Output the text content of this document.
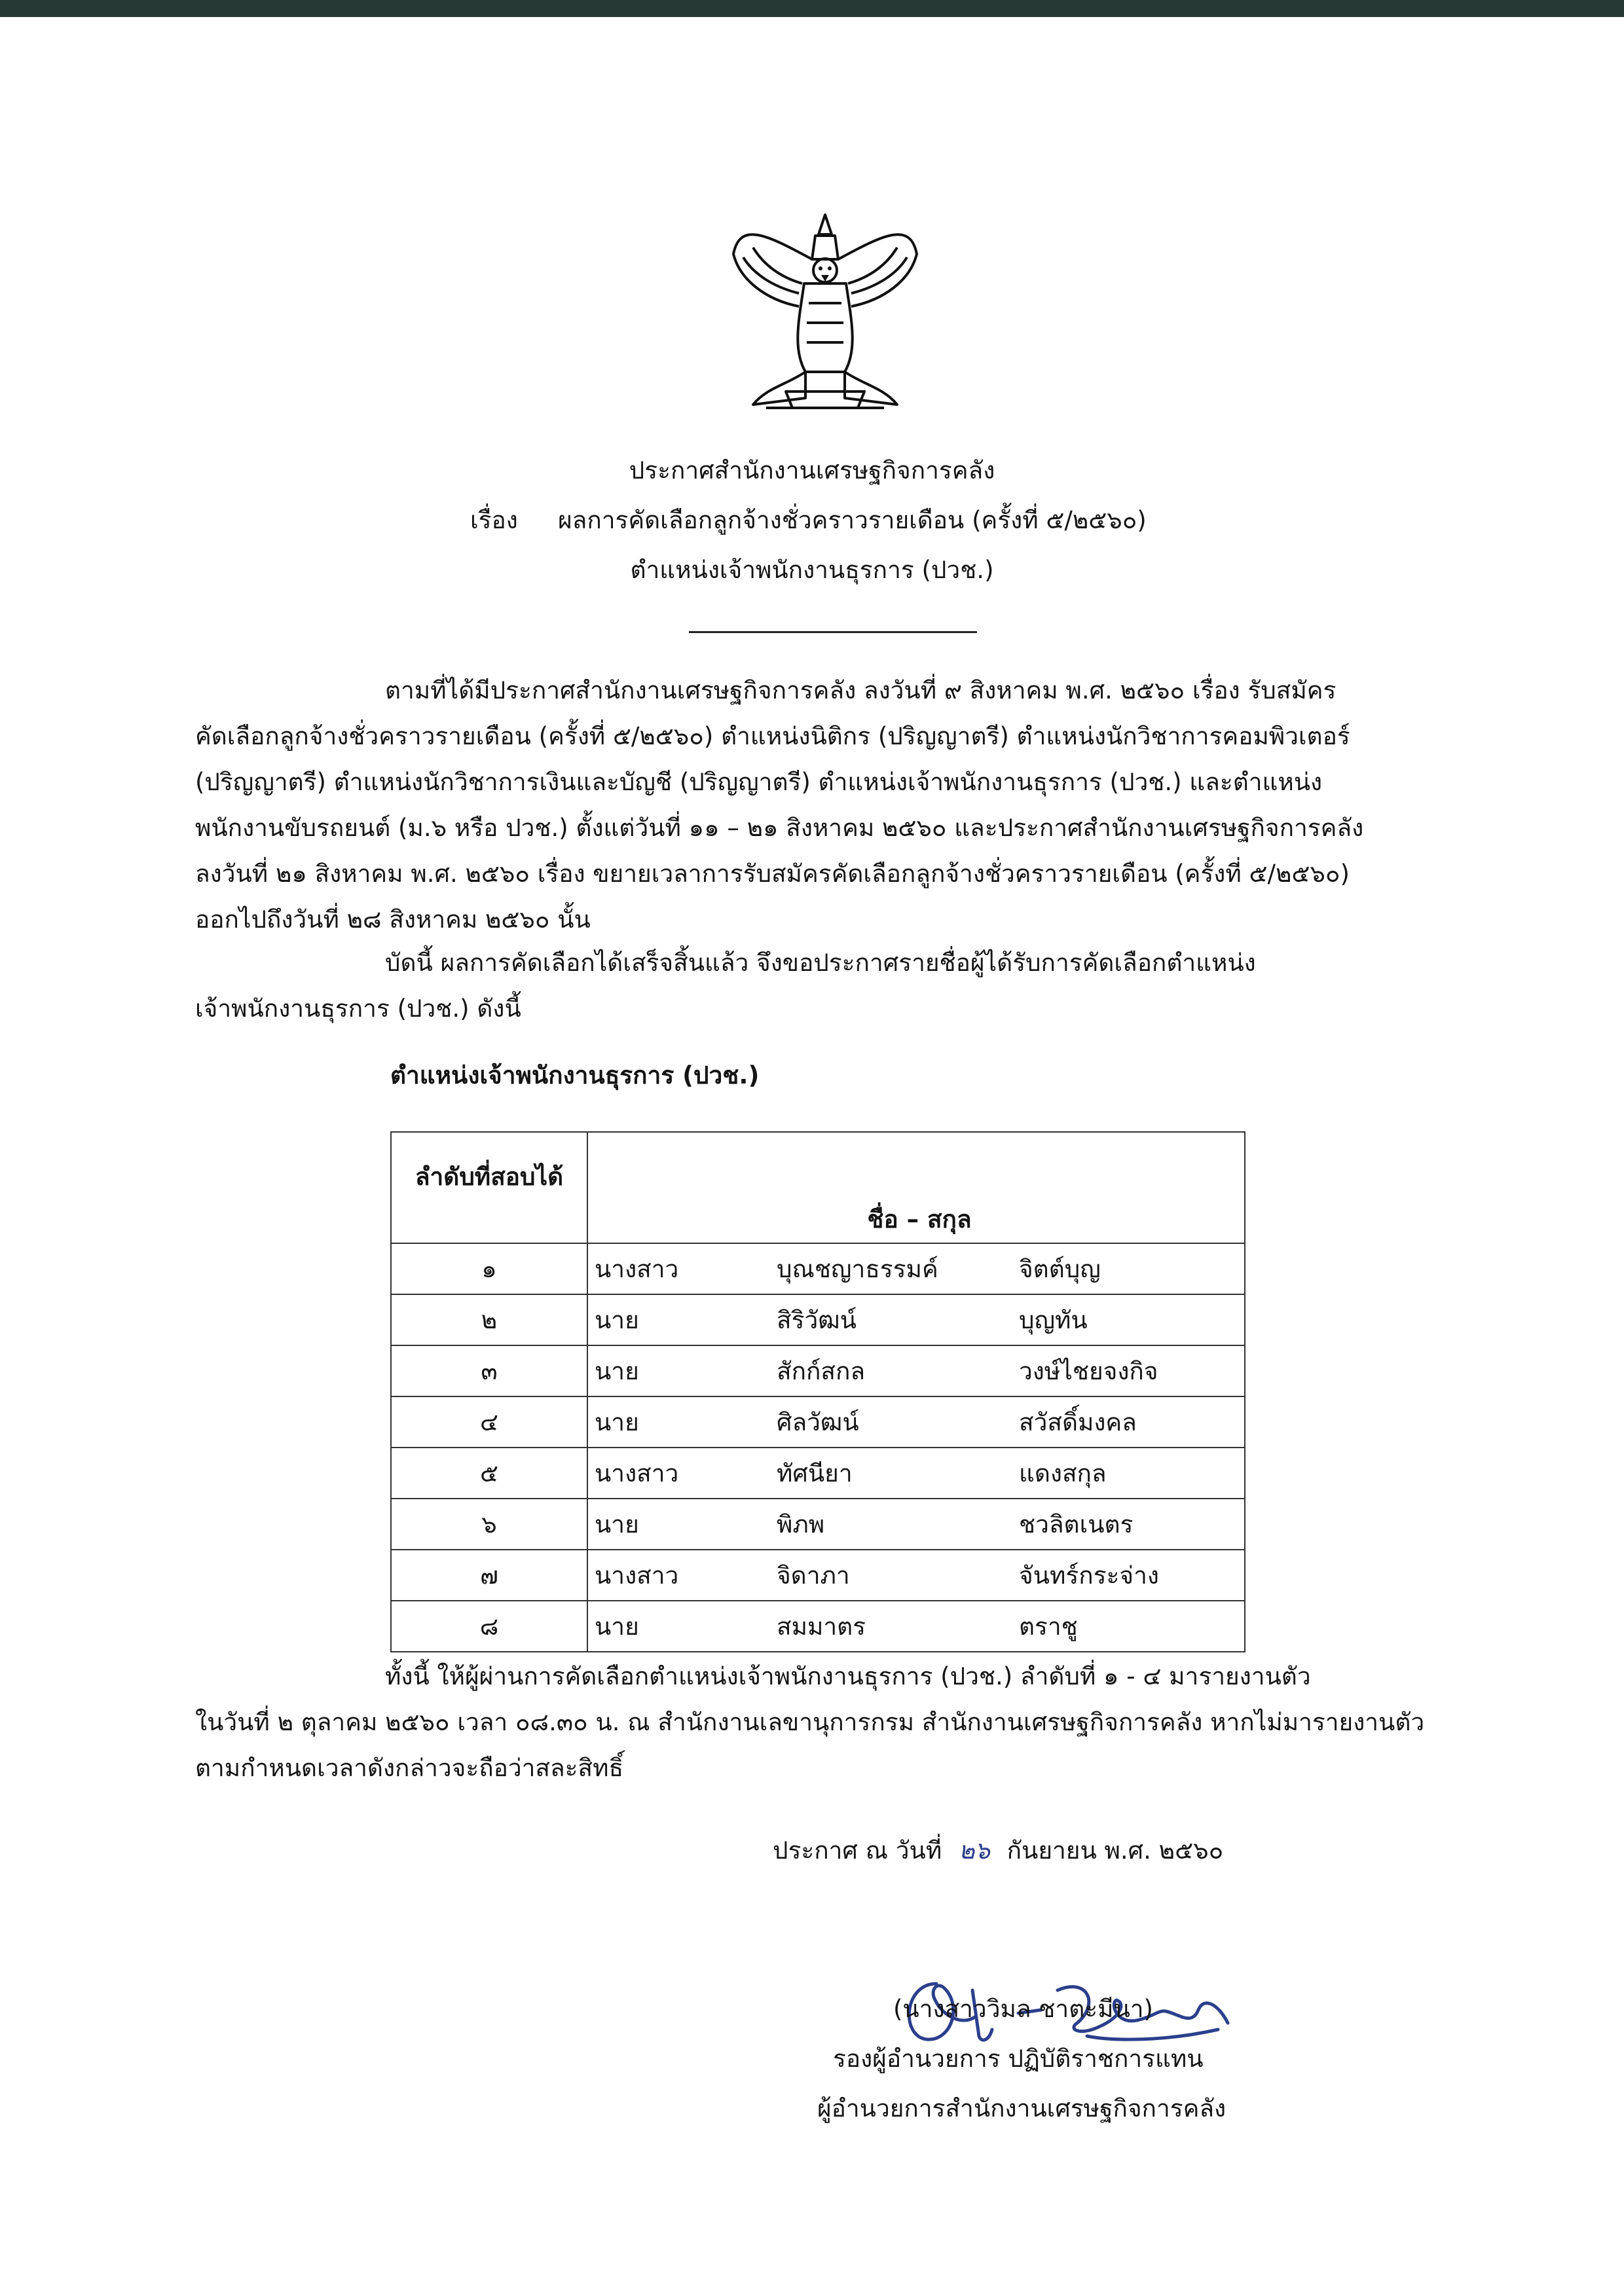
ประกาศสำนักงานเศรษฐกิจการคลัง
เรื่อง ผลการคัดเลือกลูกจ้างชั่วคราวรายเดือน (ครั้งที่ ๕/๒๕๖๐)
ตำแหน่งเจ้าพนักงานธุรการ (ปวช.)
ตามที่ได้มีประกาศสำนักงานเศรษฐกิจการคลัง ลงวันที่ ๙ สิงหาคม พ.ศ. ๒๕๖๐ เรื่อง รับสมัคร
คัดเลือกลูกจ้างชั่วคราวรายเดือน (ครั้งที่ ๕/๒๕๖๐) ตำแหน่งนิติกร (ปริญญาตรี) ตำแหน่งนักวิชาการคอมพิวเตอร์
(ปริญญาตรี) ตำแหน่งนักวิชาการเงินและบัญชี (ปริญญาตรี) ตำแหน่งเจ้าพนักงานธุรการ (ปวช.) และตำแหน่ง
พนักงานขับรถยนต์ (ม.๖ หรือ ปวช.) ตั้งแต่วันที่ ๑๑ – ๒๑ สิงหาคม ๒๕๖๐ และประกาศสำนักงานเศรษฐกิจการคลัง
ลงวันที่ ๒๑ สิงหาคม พ.ศ. ๒๕๖๐ เรื่อง ขยายเวลาการรับสมัครคัดเลือกลูกจ้างชั่วคราวรายเดือน (ครั้งที่ ๕/๒๕๖๐)
ออกไปถึงวันที่ ๒๘ สิงหาคม ๒๕๖๐ นั้น
บัดนี้ ผลการคัดเลือกได้เสร็จสิ้นแล้ว จึงขอประกาศรายชื่อผู้ได้รับการคัดเลือกตำแหน่ง
เจ้าพนักงานธุรการ (ปวช.) ดังนี้
ตำแหน่งเจ้าพนักงานธุรการ (ปวช.)
ลำดับที่สอบได้	ชื่อ – สกุล		
๑	นางสาว	บุณชญาธรรมค์	จิตต์บุญ
๒	นาย	สิริวัฒน์	บุญทัน
๓	นาย	สักก์สกล	วงษ์ไชยจงกิจ
๔	นาย	ศิลวัฒน์	สวัสดิ์มงคล
๕	นางสาว	ทัศนียา	แดงสกุล
๖	นาย	พิภพ	ชวลิตเนตร
๗	นางสาว	จิดาภา	จันทร์กระจ่าง
๘	นาย	สมมาตร	ตราชู
ทั้งนี้ ให้ผู้ผ่านการคัดเลือกตำแหน่งเจ้าพนักงานธุรการ (ปวช.) ลำดับที่ ๑ - ๔ มารายงานตัว
ในวันที่ ๒ ตุลาคม ๒๕๖๐ เวลา ๐๘.๓๐ น. ณ สำนักงานเลขานุการกรม สำนักงานเศรษฐกิจการคลัง หากไม่มารายงานตัว
ตามกำหนดเวลาดังกล่าวจะถือว่าสละสิทธิ์
ประกาศ ณ วันที่ ๒๖ กันยายน พ.ศ. ๒๕๖๐
(นางสาววิมล ชาตะมีนา)
รองผู้อำนวยการ ปฏิบัติราชการแทน
ผู้อำนวยการสำนักงานเศรษฐกิจการคลัง
